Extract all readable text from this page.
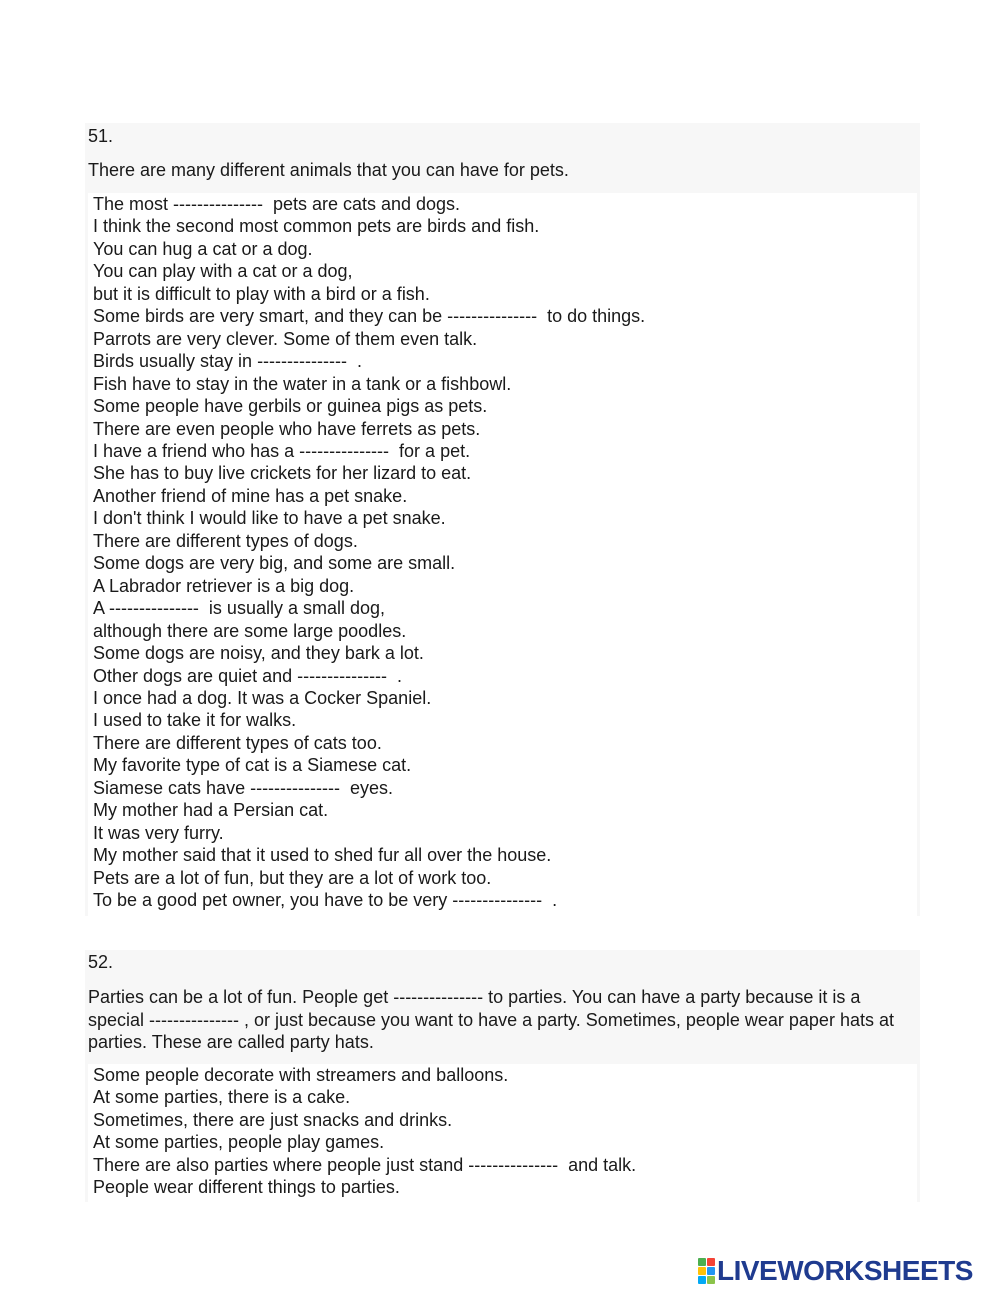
51.
There are many different animals that you can have for pets.
The most ---------------  pets are cats and dogs.
I think the second most common pets are birds and fish.
You can hug a cat or a dog.
You can play with a cat or a dog,
but it is difficult to play with a bird or a fish.
Some birds are very smart, and they can be ---------------  to do things.
Parrots are very clever. Some of them even talk.
Birds usually stay in ---------------  .
Fish have to stay in the water in a tank or a fishbowl.
Some people have gerbils or guinea pigs as pets.
There are even people who have ferrets as pets.
I have a friend who has a ---------------  for a pet.
She has to buy live crickets for her lizard to eat.
Another friend of mine has a pet snake.
I don't think I would like to have a pet snake.
There are different types of dogs.
Some dogs are very big, and some are small.
A Labrador retriever is a big dog.
A ---------------  is usually a small dog,
although there are some large poodles.
Some dogs are noisy, and they bark a lot.
Other dogs are quiet and ---------------  .
I once had a dog. It was a Cocker Spaniel.
I used to take it for walks.
There are different types of cats too.
My favorite type of cat is a Siamese cat.
Siamese cats have ---------------  eyes.
My mother had a Persian cat.
It was very furry.
My mother said that it used to shed fur all over the house.
Pets are a lot of fun, but they are a lot of work too.
To be a good pet owner, you have to be very ---------------  .
52.
Parties can be a lot of fun. People get --------------- to parties. You can have a party because it is a special --------------- , or just because you want to have a party. Sometimes, people wear paper hats at parties. These are called party hats.
Some people decorate with streamers and balloons.
At some parties, there is a cake.
Sometimes, there are just snacks and drinks.
At some parties, people play games.
There are also parties where people just stand ---------------  and talk.
People wear different things to parties.
LIVEWORKSHEETS
